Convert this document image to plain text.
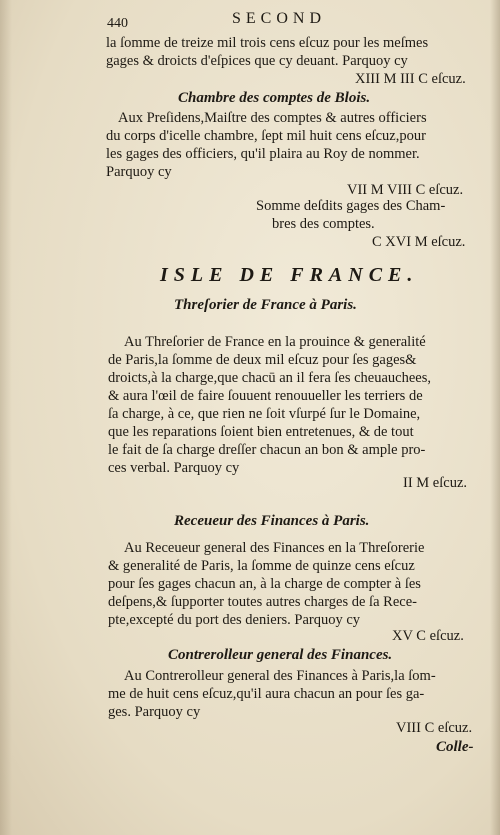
440	SECOND
la ſomme de treize mil trois cens eſcuz pour les meſmes
gages & droicts d'eſpices que cy deuant. Parquoy cy
XIII M III C eſcuz.
Chambre des comptes de Blois.
Aux Preſidens,Maiſtre des comptes & autres officiers
du corps d'icelle chambre, ſept mil huit cens eſcuz,pour
les gages des officiers, qu'il plaira au Roy de nommer.
Parquoy cy
VII M VIII C eſcuz.
Somme deſdits gages des Cham-
bres des comptes.
C XVI M eſcuz.
ISLE DE FRANCE.
Threſorier de France à Paris.
Au Threſorier de France en la prouince & generalité
de Paris,la ſomme de deux mil eſcuz pour ſes gages&
droicts,à la charge,que chacū an il fera ſes cheuauchees,
& aura l'œil de faire ſouuent renouueller les terriers de
ſa charge, à ce, que rien ne ſoit vſurpé ſur le Domaine,
que les reparations ſoient bien entretenues, & de tout
le fait de ſa charge dreſſer chacun an bon & ample pro-
ces verbal. Parquoy cy
II M eſcuz.
Receueur des Finances à Paris.
Au Receueur general des Finances en la Threſorerie
& generalité de Paris, la ſomme de quinze cens eſcuz
pour ſes gages chacun an, à la charge de compter à ſes
deſpens,& ſupporter toutes autres charges de ſa Rece-
pte,excepté du port des deniers. Parquoy cy
XV C eſcuz.
Contrerolleur general des Finances.
Au Contrerolleur general des Finances à Paris,la ſom-
me de huit cens eſcuz,qu'il aura chacun an pour ſes ga-
ges. Parquoy cy
VIII C eſcuz.
Colle-
